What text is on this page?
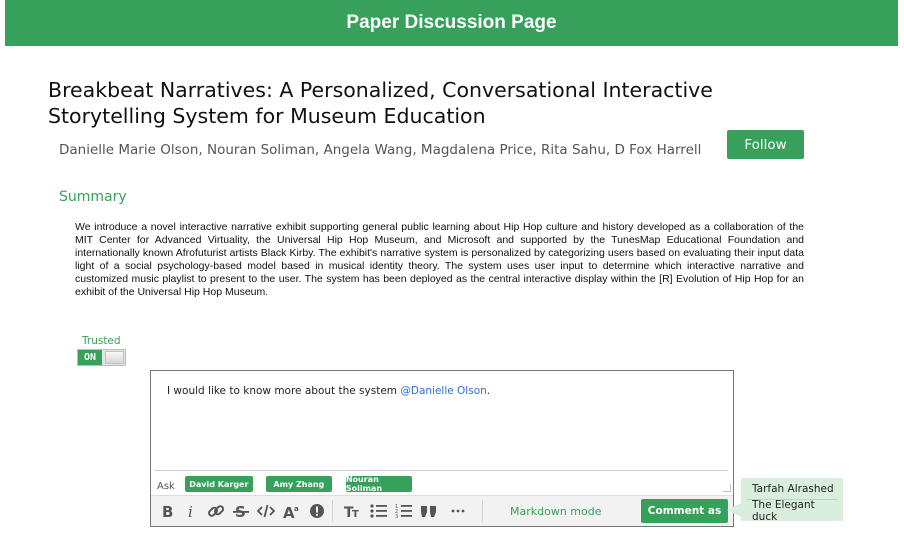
Paper Discussion Page
Breakbeat Narratives: A Personalized, Conversational Interactive
Storytelling System for Museum Education
Danielle Marie Olson, Nouran Soliman, Angela Wang, Magdalena Price, Rita Sahu, D Fox Harrell	Follow
Summary
We introduce a novel interactive narrative exhibit supporting general public learning about Hip Hop culture and history developed as a collaboration of the MIT Center for Advanced Virtuality, the Universal Hip Hop Museum, and Microsoft and supported by the TunesMap Educational Foundation and internationally known Afrofuturist artists Black Kirby. The exhibit's narrative system is personalized by categorizing users based on evaluating their input data light of a social psychology-based model based in musical identity theory. The system uses user input to determine which interactive narrative and customized music playlist to present to the user. The system has been deployed as the central interactive display within the [R] Evolution of Hip Hop for an exhibit of the Universal Hip Hop Museum.
Trusted
ON
I would like to know more about the system @Danielle Olson.
Ask	David Karger	Amy Zhang	Nouran Soliman
B i	A a	T
T
1
2
3	Markdown mode	Comment as
Tarfah Alrashed
The Elegant duck
